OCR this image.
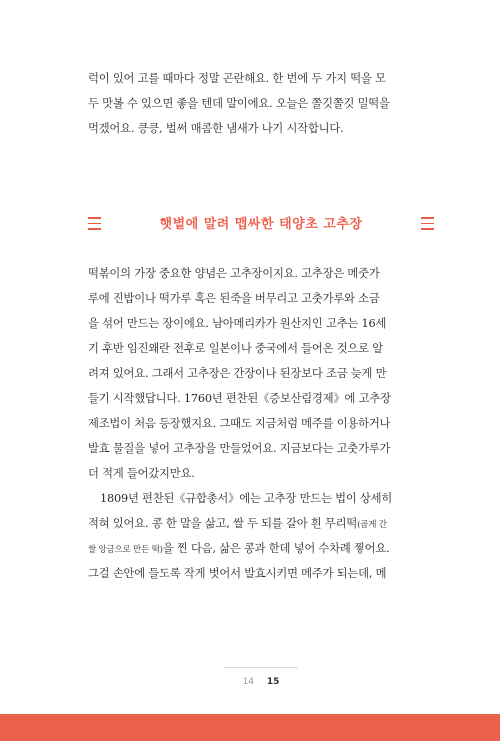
럭이 있어 고를 때마다 정말 곤란해요. 한 번에 두 가지 떡을 모
두 맛볼 수 있으면 좋을 텐데 말이에요. 오늘은 쫄깃쫄깃 밀떡을
먹겠어요. 킁킁, 벌써 매콤한 냄새가 나기 시작합니다.
햇볕에 말려 맵싸한 태양초 고추장
떡볶이의 가장 중요한 양념은 고추장이지요. 고추장은 메줏가
루에 진밥이나 떡가루 혹은 된죽을 버무리고 고춧가루와 소금
을 섞어 만드는 장이에요. 남아메리카가 원산지인 고추는 16세
기 후반 임진왜란 전후로 일본이나 중국에서 들어온 것으로 알
려져 있어요. 그래서 고추장은 간장이나 된장보다 조금 늦게 만
들기 시작했답니다. 1760년 편찬된《증보산림경제》에 고추장
제조법이 처음 등장했지요. 그때도 지금처럼 메주를 이용하거나
발효 물질을 넣어 고추장을 만들었어요. 지금보다는 고춧가루가
더 적게 들어갔지만요.
1809년 편찬된《규합총서》에는 고추장 만드는 법이 상세히
적혀 있어요. 콩 한 말을 삶고, 쌀 두 되를 갈아 흰 무리떡(곱게 간
쌀 앙금으로 만든 떡)을 찐 다음, 삶은 콩과 한데 넣어 수차례 찧어요.
그걸 손안에 들도록 작게 벗어서 발효시키면 메주가 되는데, 메
14 15
